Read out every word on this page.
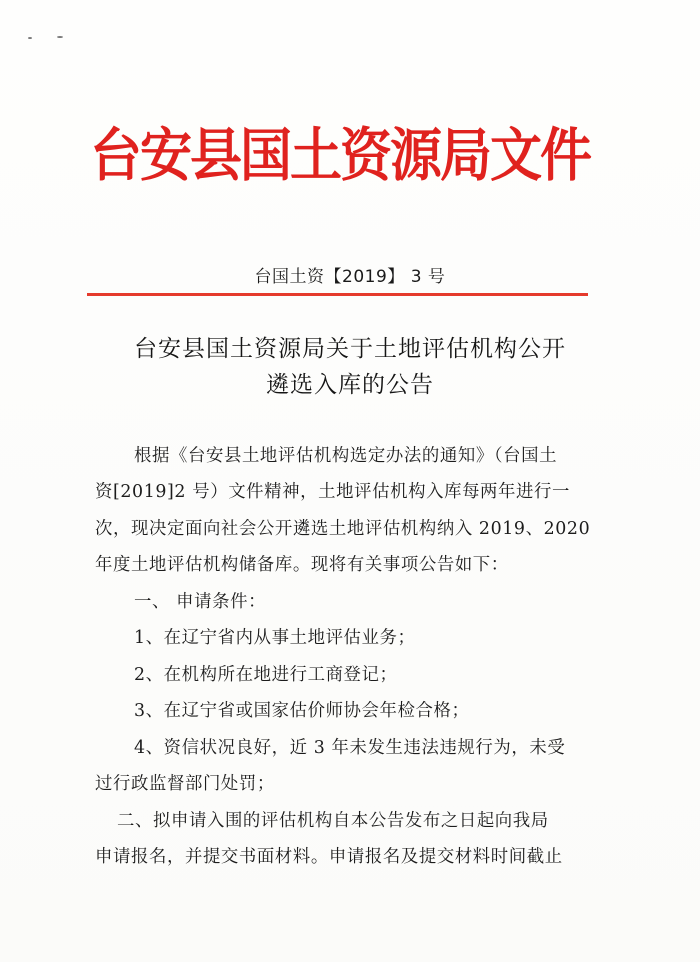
台安县国土资源局文件
台国土资【2019】 3 号
台安县国土资源局关于土地评估机构公开
遴选入库的公告
根据《台安县土地评估机构选定办法的通知》（台国土
资[2019]2 号）文件精神，土地评估机构入库每两年进行一
次，现决定面向社会公开遴选土地评估机构纳入 2019、2020
年度土地评估机构储备库。现将有关事项公告如下：
一、 申请条件：
1、在辽宁省内从事土地评估业务；
2、在机构所在地进行工商登记；
3、在辽宁省或国家估价师协会年检合格；
4、资信状况良好，近 3 年未发生违法违规行为，未受
过行政监督部门处罚；
二、拟申请入围的评估机构自本公告发布之日起向我局
申请报名，并提交书面材料。申请报名及提交材料时间截止
